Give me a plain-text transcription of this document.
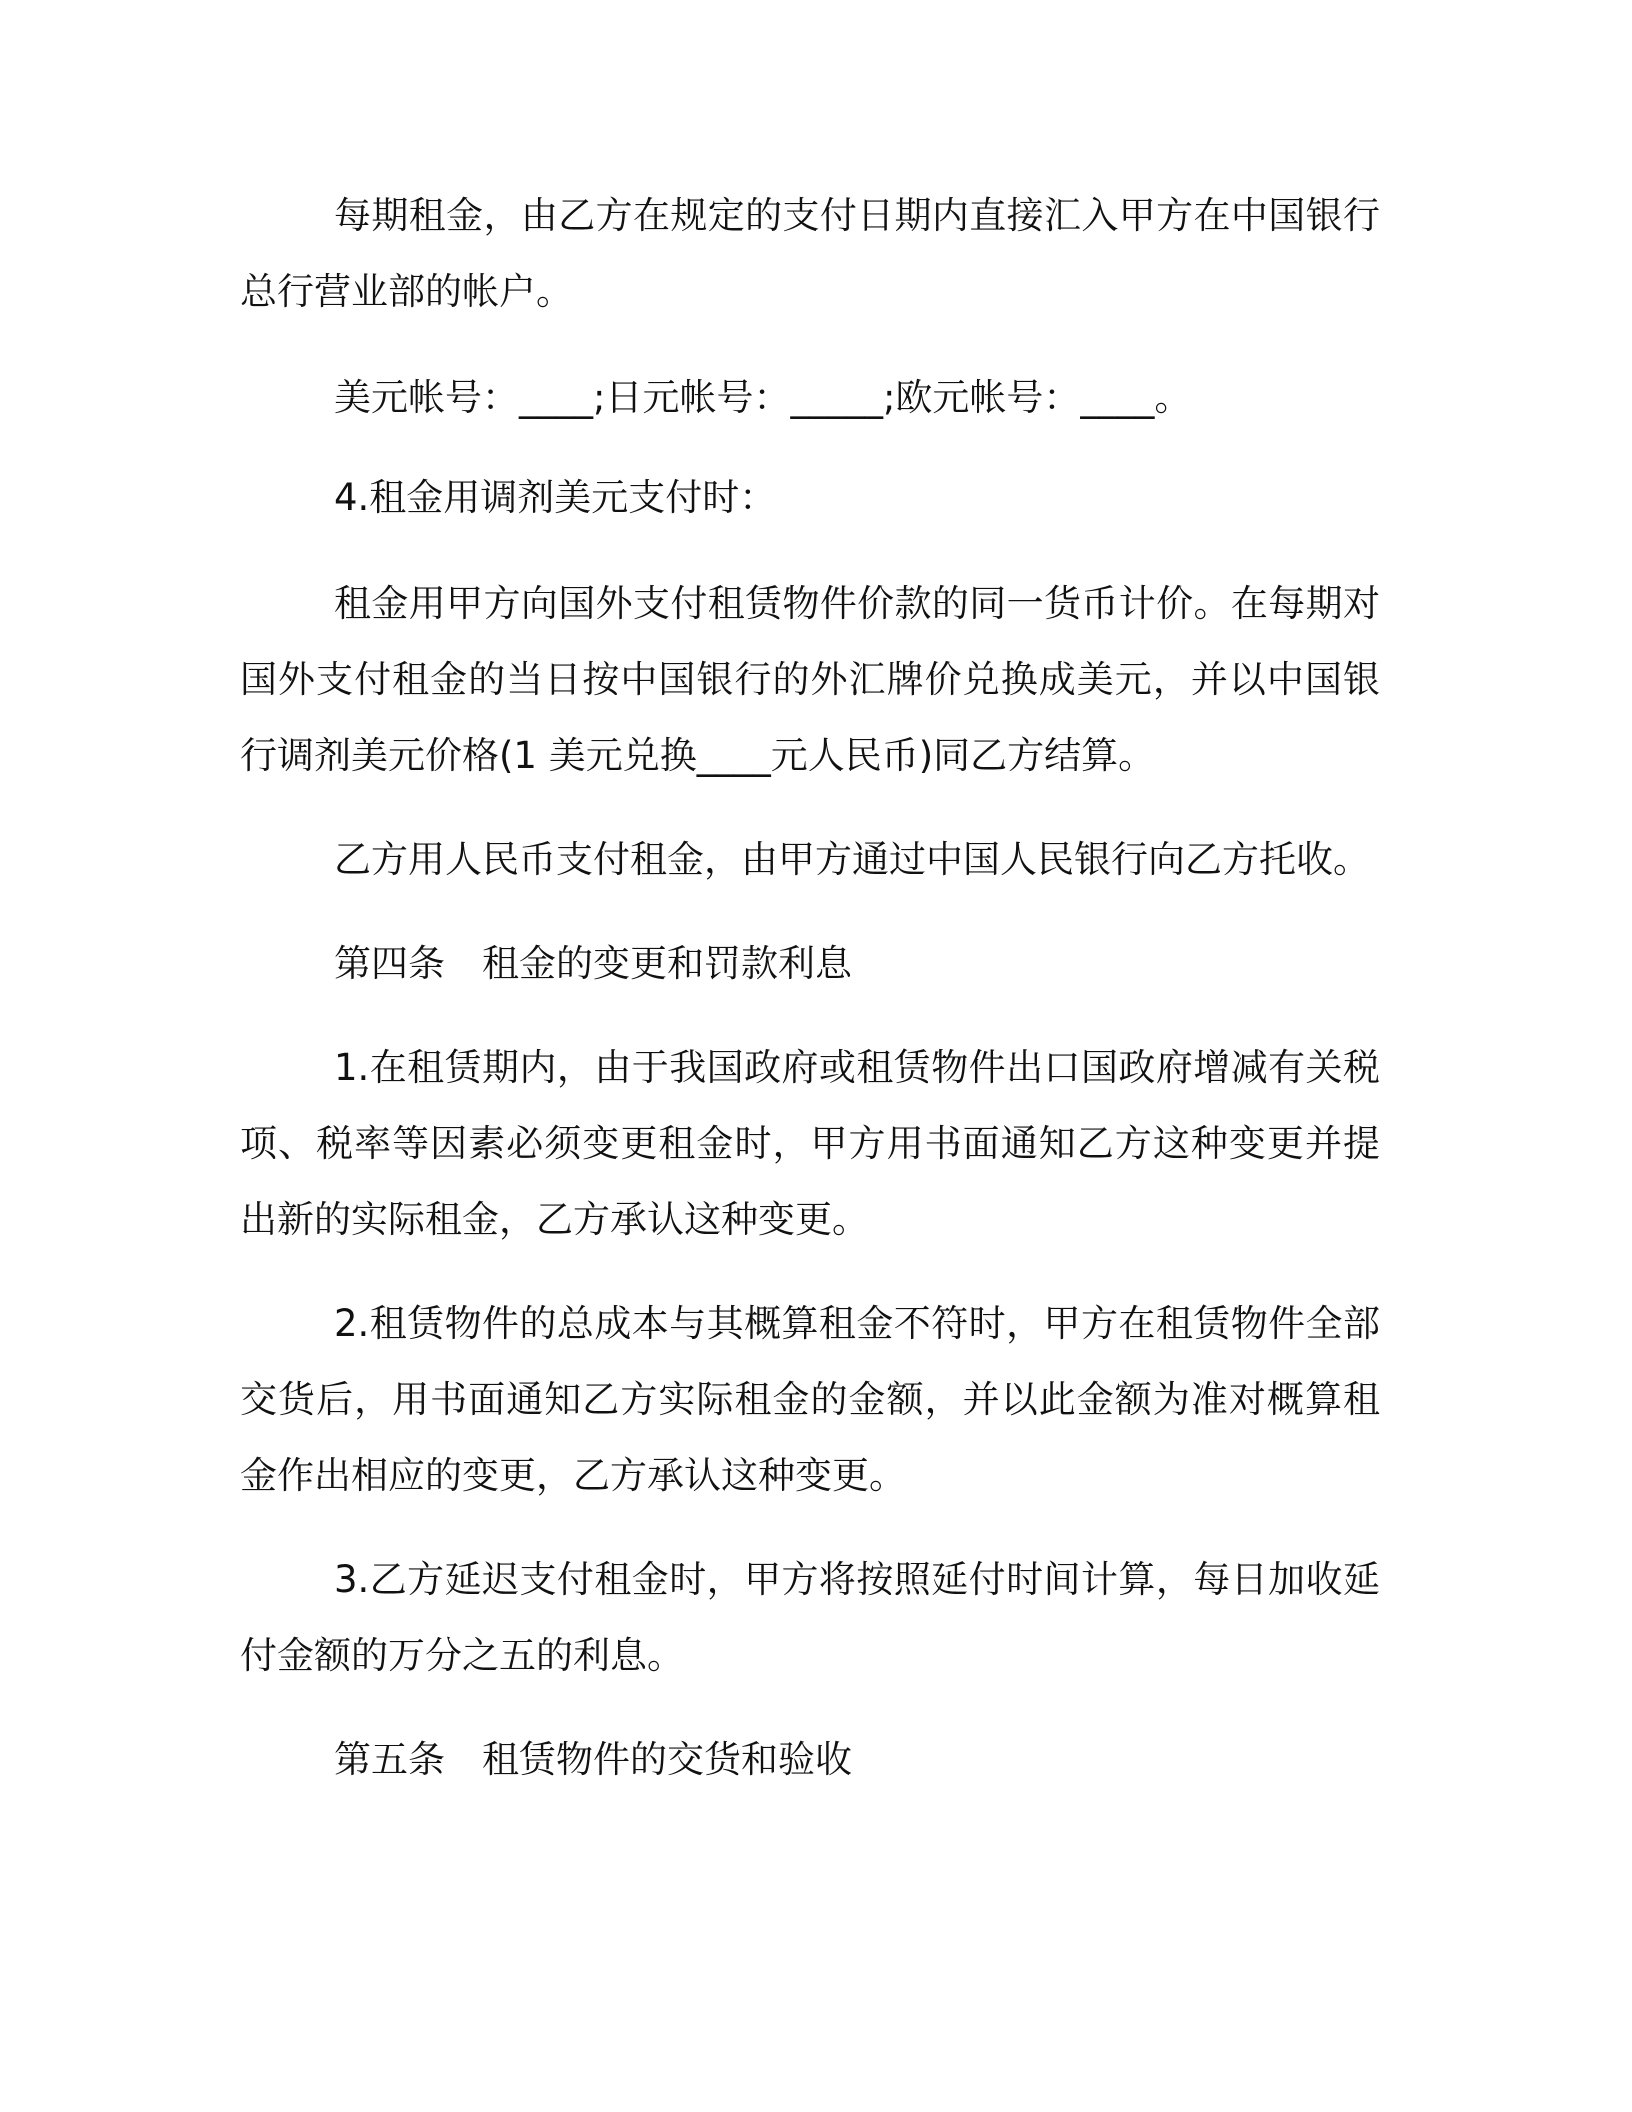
每期租金，由乙方在规定的支付日期内直接汇入甲方在中国银行总行营业部的帐户。

美元帐号：____;日元帐号：_____;欧元帐号：____。

4.租金用调剂美元支付时：

租金用甲方向国外支付租赁物件价款的同一货币计价。在每期对国外支付租金的当日按中国银行的外汇牌价兑换成美元，并以中国银行调剂美元价格(1 美元兑换____元人民币)同乙方结算。

乙方用人民币支付租金，由甲方通过中国人民银行向乙方托收。

第四条　租金的变更和罚款利息

1.在租赁期内，由于我国政府或租赁物件出口国政府增减有关税项、税率等因素必须变更租金时，甲方用书面通知乙方这种变更并提出新的实际租金，乙方承认这种变更。

2.租赁物件的总成本与其概算租金不符时，甲方在租赁物件全部交货后，用书面通知乙方实际租金的金额，并以此金额为准对概算租金作出相应的变更，乙方承认这种变更。

3.乙方延迟支付租金时，甲方将按照延付时间计算，每日加收延付金额的万分之五的利息。

第五条　租赁物件的交货和验收
